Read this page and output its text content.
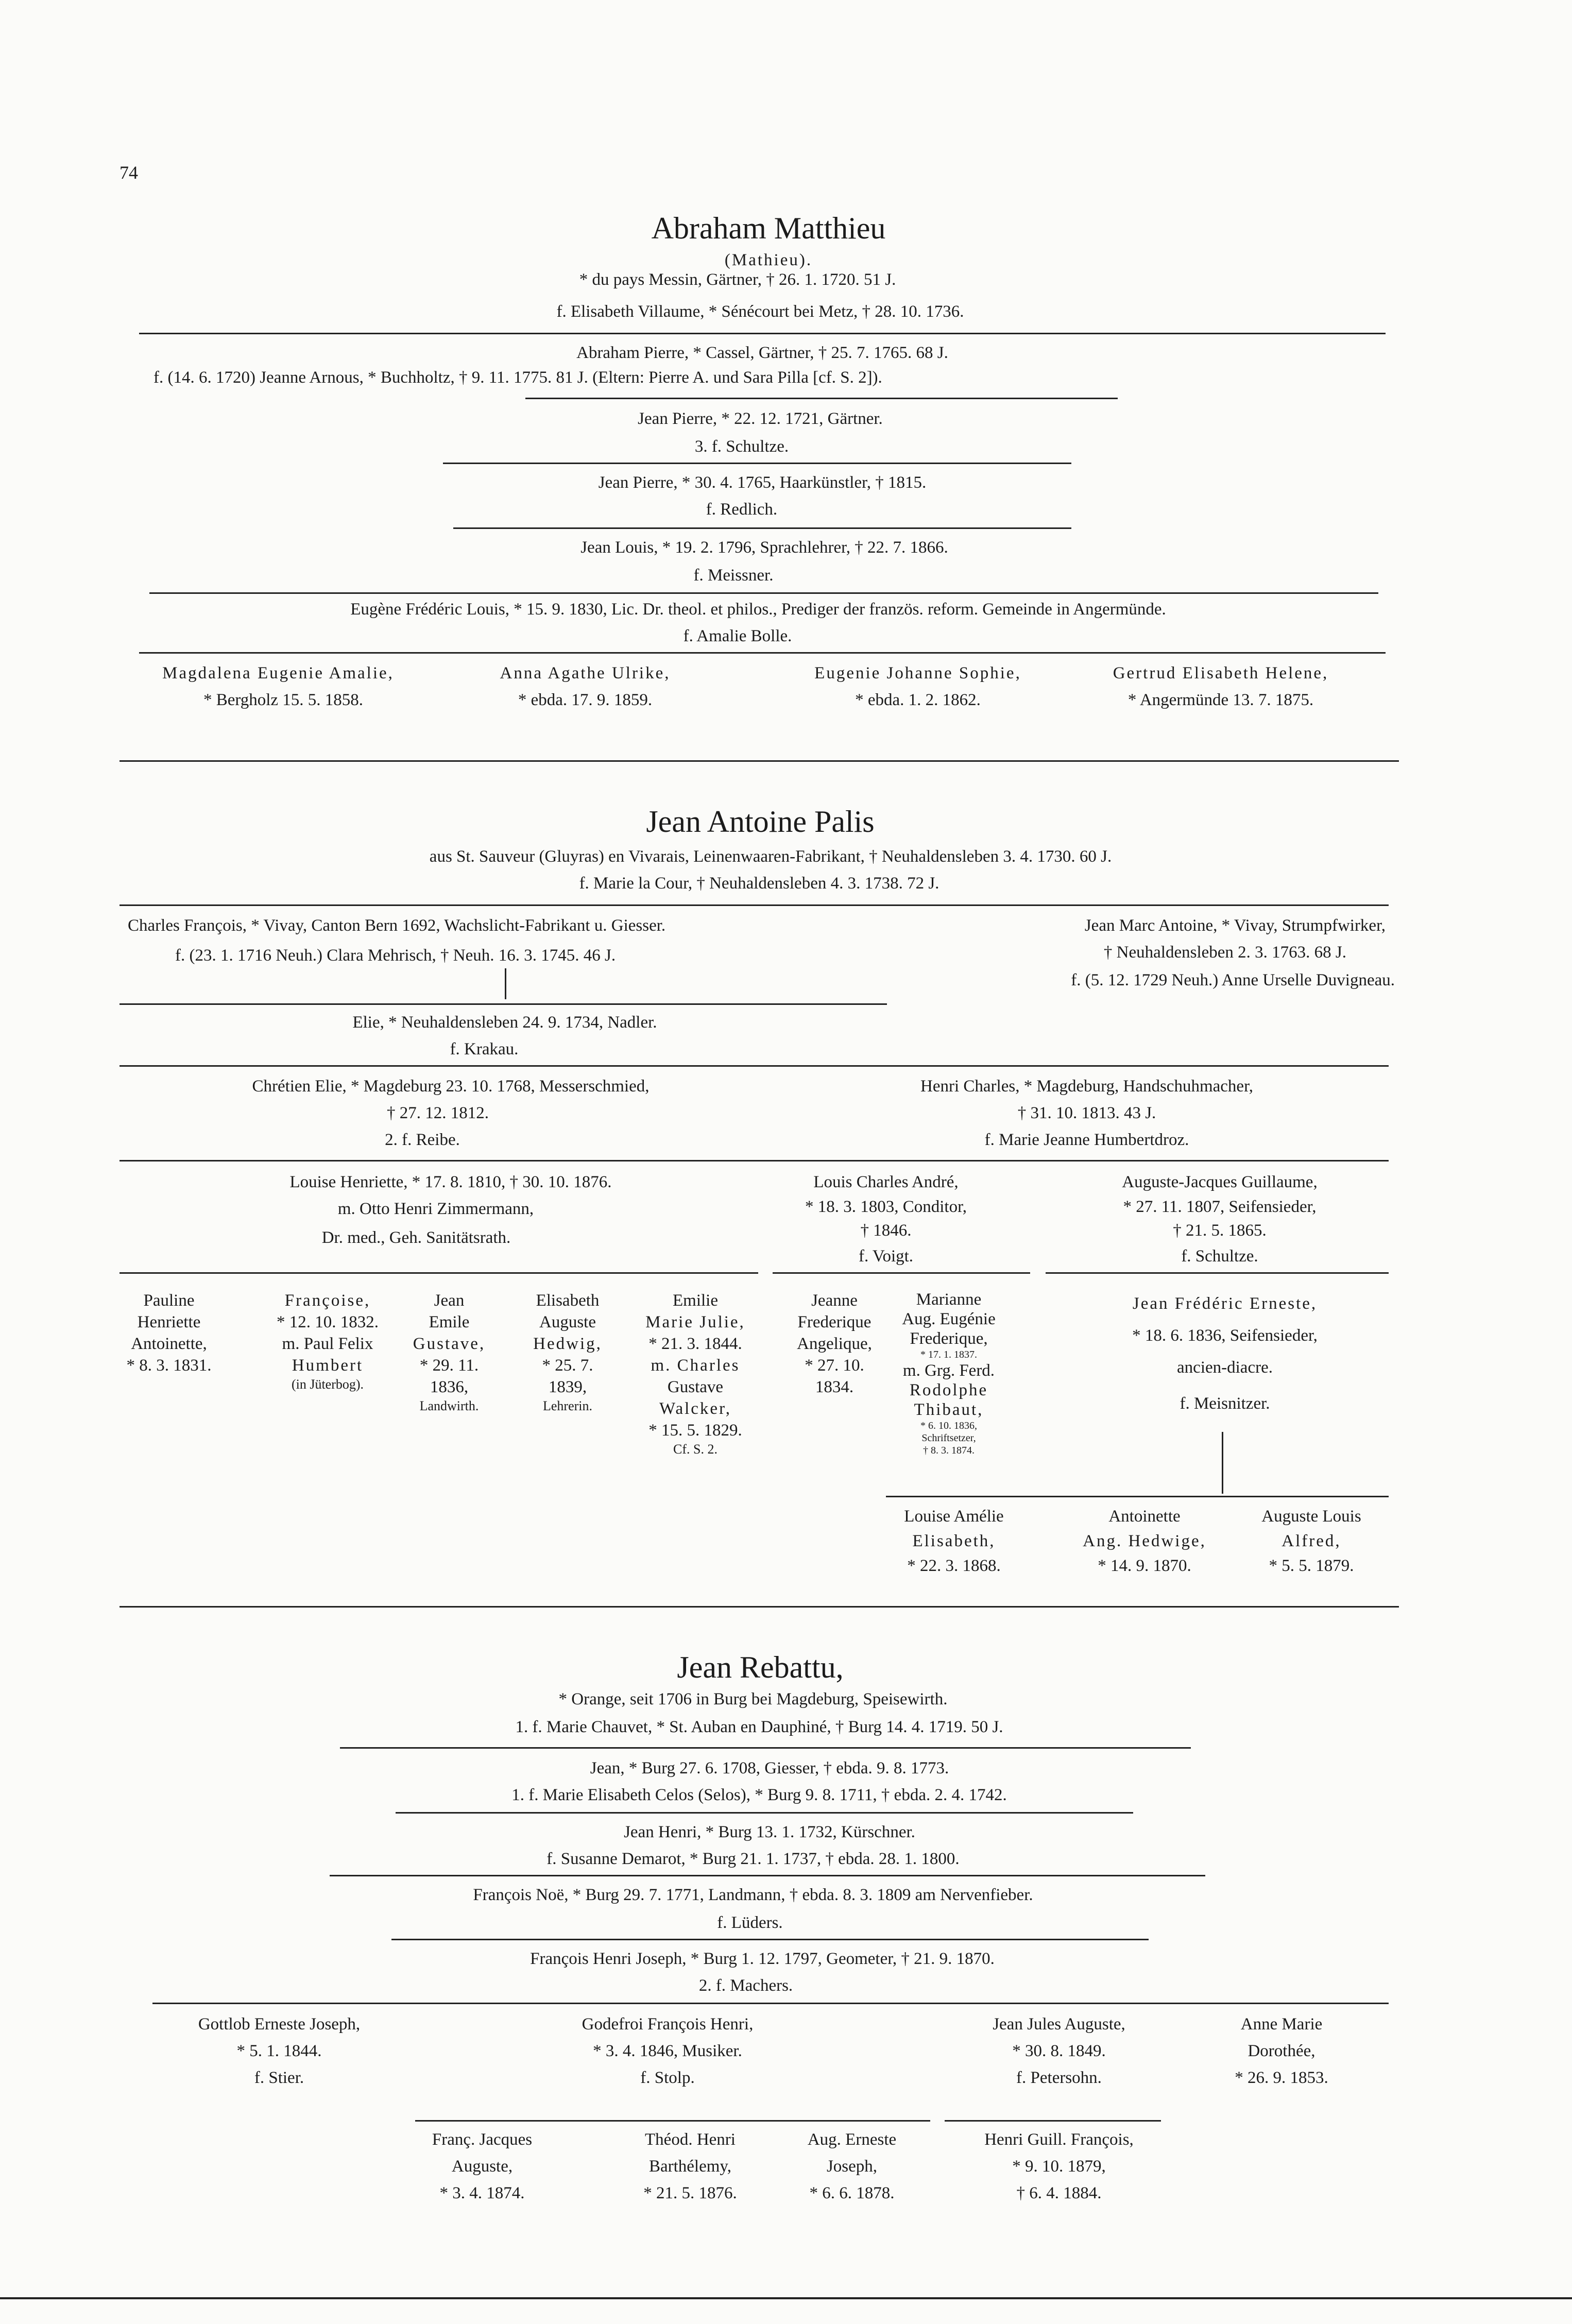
74
Abraham Matthieu
(Mathieu).
* du pays Messin, Gärtner, † 26. 1. 1720. 51 J.
f. Elisabeth Villaume, * Sénécourt bei Metz, † 28. 10. 1736.
Abraham Pierre, * Cassel, Gärtner, † 25. 7. 1765. 68 J.
f. (14. 6. 1720) Jeanne Arnous, * Buchholtz, † 9. 11. 1775. 81 J. (Eltern: Pierre A. und Sara Pilla [cf. S. 2]).
Jean Pierre, * 22. 12. 1721, Gärtner.
3. f. Schultze.
Jean Pierre, * 30. 4. 1765, Haarkünstler, † 1815.
f. Redlich.
Jean Louis, * 19. 2. 1796, Sprachlehrer, † 22. 7. 1866.
f. Meissner.
Eugène Frédéric Louis, * 15. 9. 1830, Lic. Dr. theol. et philos., Prediger der französ. reform. Gemeinde in Angermünde.
f. Amalie Bolle.
Magdalena Eugenie Amalie,
* Bergholz 15. 5. 1858.
Anna Agathe Ulrike,
* ebda. 17. 9. 1859.
Eugenie Johanne Sophie,
* ebda. 1. 2. 1862.
Gertrud Elisabeth Helene,
* Angermünde 13. 7. 1875.
Jean Antoine Palis
aus St. Sauveur (Gluyras) en Vivarais, Leinenwaaren-Fabrikant, † Neuhaldensleben 3. 4. 1730. 60 J.
f. Marie la Cour, † Neuhaldensleben 4. 3. 1738. 72 J.
Charles François, * Vivay, Canton Bern 1692, Wachslicht-Fabrikant u. Giesser.
f. (23. 1. 1716 Neuh.) Clara Mehrisch, † Neuh. 16. 3. 1745. 46 J.
Jean Marc Antoine, * Vivay, Strumpfwirker,
† Neuhaldensleben 2. 3. 1763. 68 J.
f. (5. 12. 1729 Neuh.) Anne Urselle Duvigneau.
Elie, * Neuhaldensleben 24. 9. 1734, Nadler.
f. Krakau.
Chrétien Elie, * Magdeburg 23. 10. 1768, Messerschmied,
† 27. 12. 1812.
2. f. Reibe.
Henri Charles, * Magdeburg, Handschuhmacher,
† 31. 10. 1813. 43 J.
f. Marie Jeanne Humbertdroz.
Louise Henriette, * 17. 8. 1810, † 30. 10. 1876.
m. Otto Henri Zimmermann,
Dr. med., Geh. Sanitätsrath.
Louis Charles André,
* 18. 3. 1803, Conditor,
† 1846.
f. Voigt.
Auguste-Jacques Guillaume,
* 27. 11. 1807, Seifensieder,
† 21. 5. 1865.
f. Schultze.
Pauline
Henriette
Antoinette,
* 8. 3. 1831.
Françoise,
* 12. 10. 1832.
m. Paul Felix
Humbert
(in Jüterbog).
Jean
Emile
Gustave,
* 29. 11.
1836,
Landwirth.
Elisabeth
Auguste
Hedwig,
* 25. 7.
1839,
Lehrerin.
Emilie
Marie Julie,
* 21. 3. 1844.
m. Charles
Gustave
Walcker,
* 15. 5. 1829.
Cf. S. 2.
Jeanne
Frederique
Angelique,
* 27. 10.
1834.
Marianne
Aug. Eugénie
Frederique,
* 17. 1. 1837.
m. Grg. Ferd.
Rodolphe
Thibaut,
* 6. 10. 1836,
Schriftsetzer,
† 8. 3. 1874.
Jean Frédéric Erneste,
* 18. 6. 1836, Seifensieder,
ancien-diacre.
f. Meisnitzer.
Louise Amélie
Elisabeth,
* 22. 3. 1868.
Antoinette
Ang. Hedwige,
* 14. 9. 1870.
Auguste Louis
Alfred,
* 5. 5. 1879.
Jean Rebattu,
* Orange, seit 1706 in Burg bei Magdeburg, Speisewirth.
1. f. Marie Chauvet, * St. Auban en Dauphiné, † Burg 14. 4. 1719. 50 J.
Jean, * Burg 27. 6. 1708, Giesser, † ebda. 9. 8. 1773.
1. f. Marie Elisabeth Celos (Selos), * Burg 9. 8. 1711, † ebda. 2. 4. 1742.
Jean Henri, * Burg 13. 1. 1732, Kürschner.
f. Susanne Demarot, * Burg 21. 1. 1737, † ebda. 28. 1. 1800.
François Noë, * Burg 29. 7. 1771, Landmann, † ebda. 8. 3. 1809 am Nervenfieber.
f. Lüders.
François Henri Joseph, * Burg 1. 12. 1797, Geometer, † 21. 9. 1870.
2. f. Machers.
Gottlob Erneste Joseph,
* 5. 1. 1844.
f. Stier.
Godefroi François Henri,
* 3. 4. 1846, Musiker.
f. Stolp.
Jean Jules Auguste,
* 30. 8. 1849.
f. Petersohn.
Anne Marie
Dorothée,
* 26. 9. 1853.
Franç. Jacques
Auguste,
* 3. 4. 1874.
Théod. Henri
Barthélemy,
* 21. 5. 1876.
Aug. Erneste
Joseph,
* 6. 6. 1878.
Henri Guill. François,
* 9. 10. 1879,
† 6. 4. 1884.
